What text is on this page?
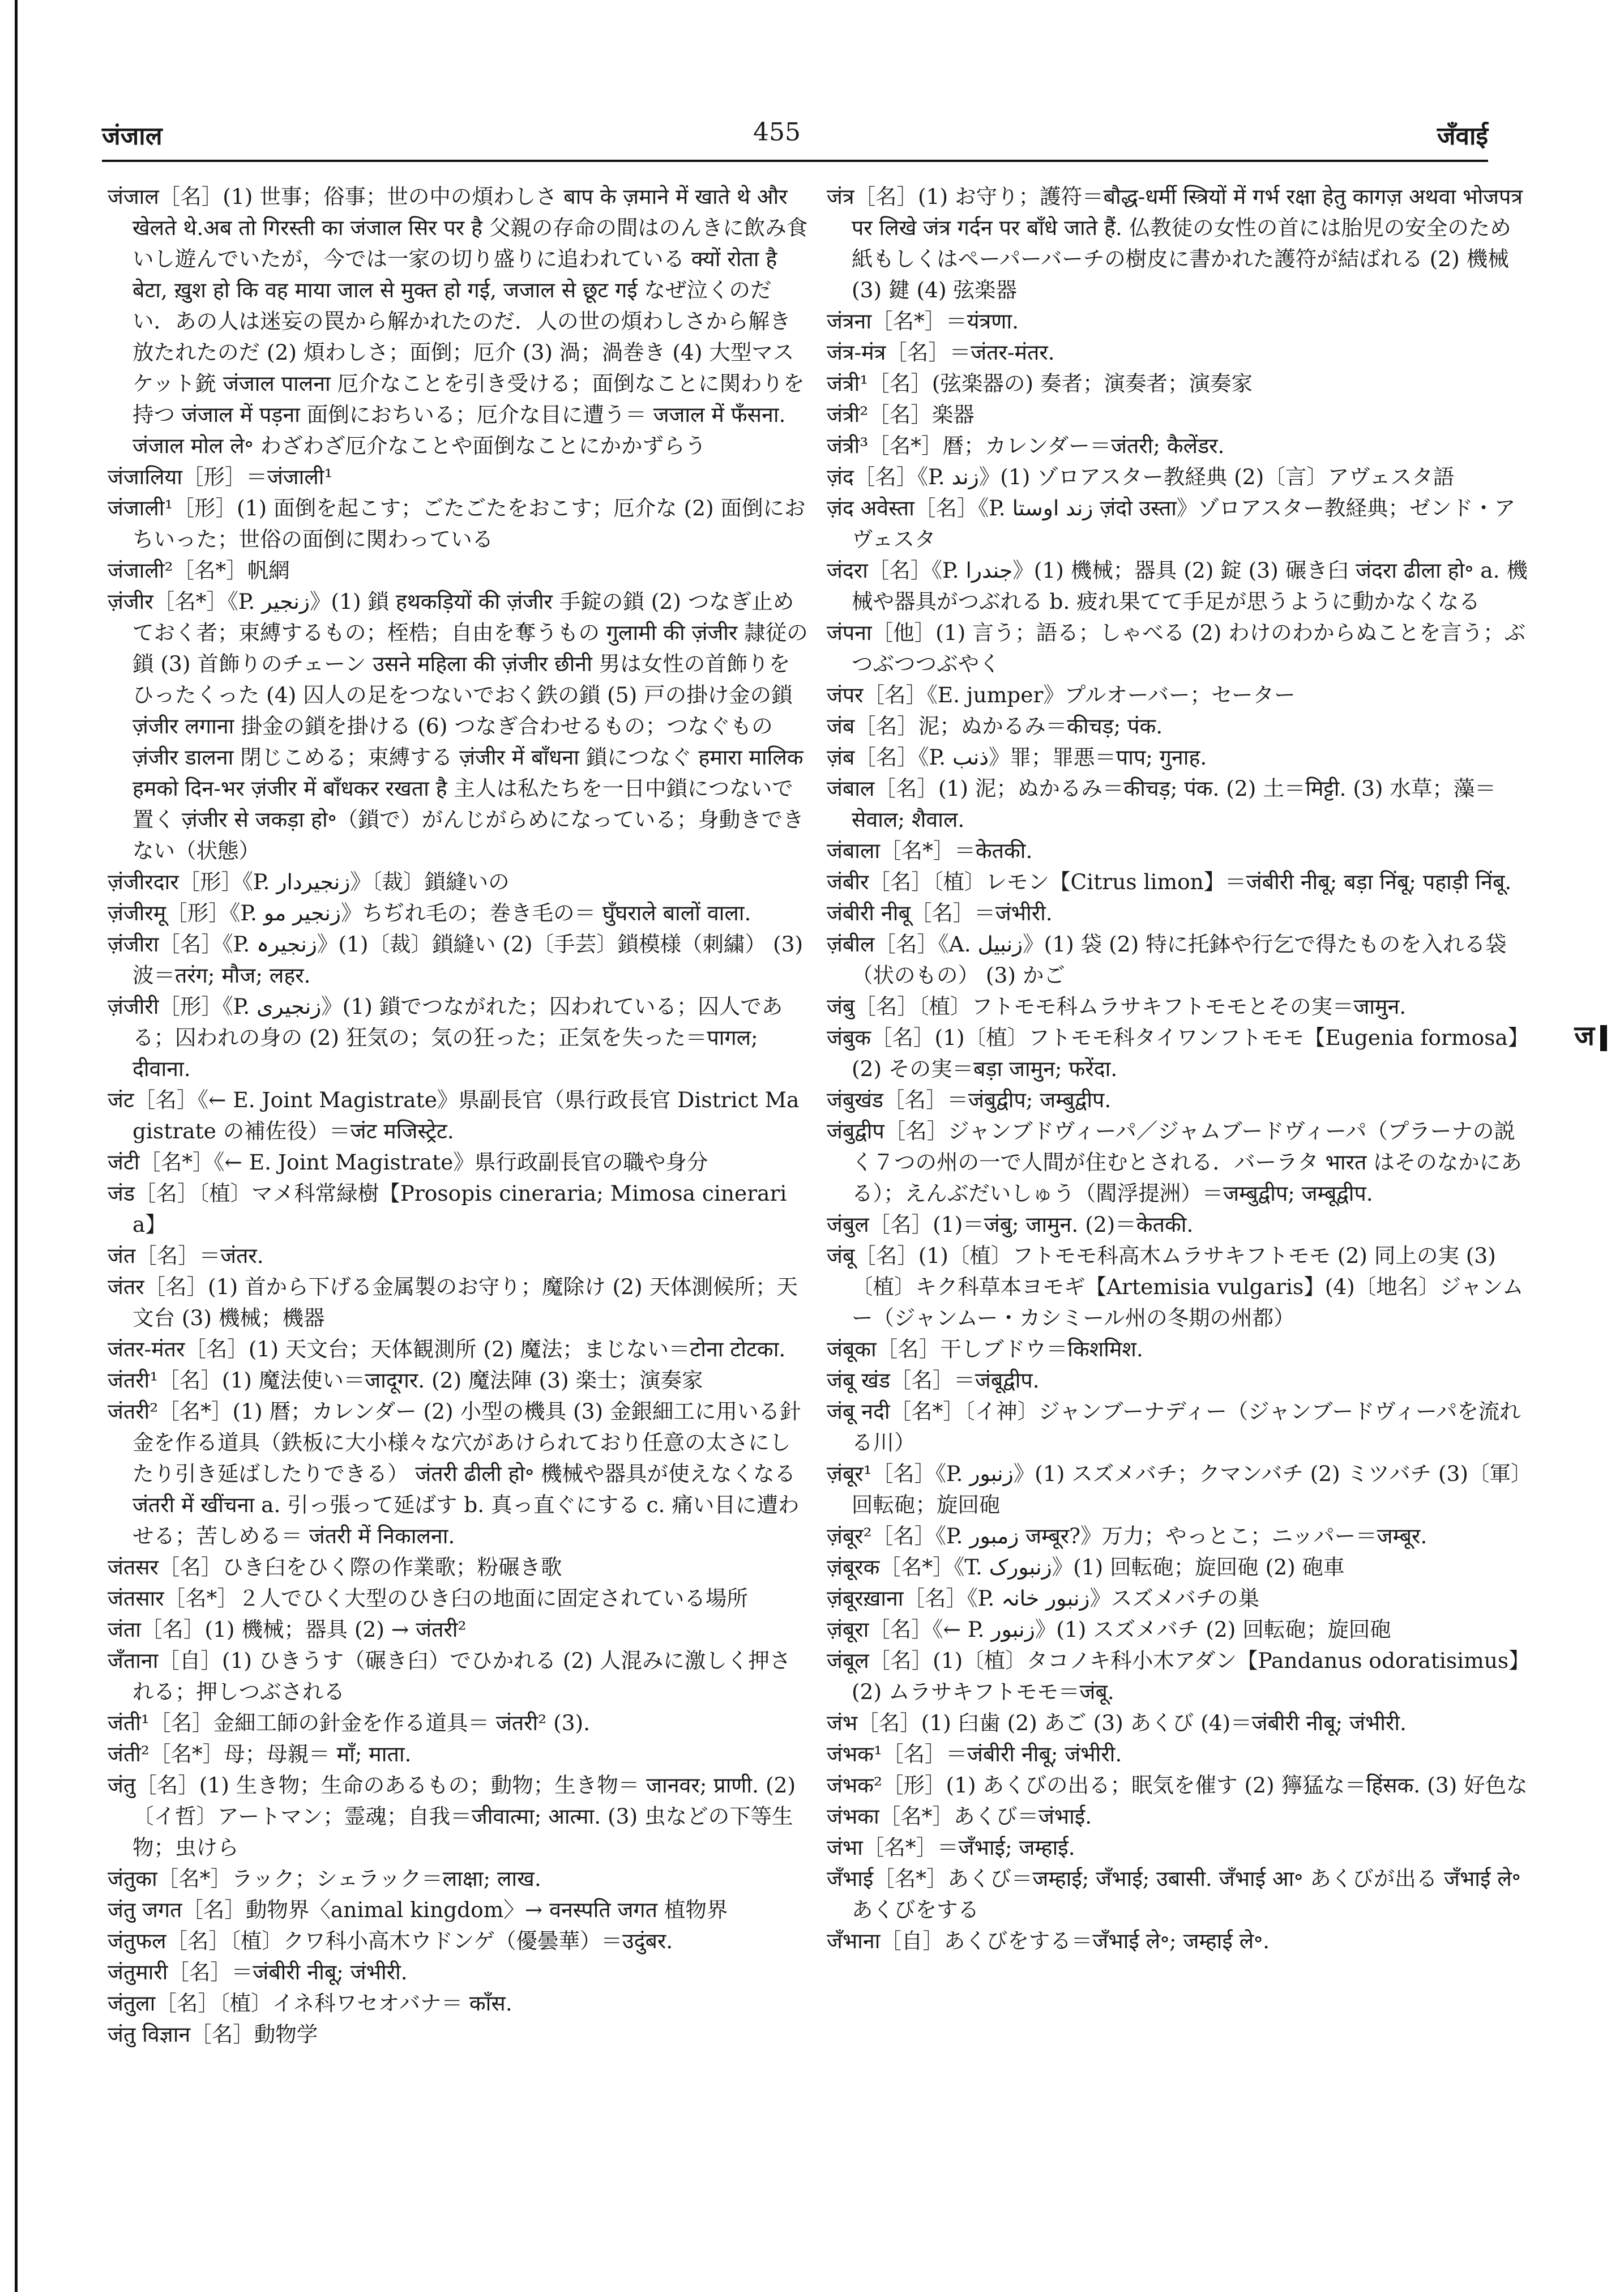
जंजाल	455	जँवाई

जंजाल［名］(1) 世事；俗事；世の中の煩わしさ बाप के ज़माने में खाते थे और खेलते थे.अब तो गिरस्ती का जंजाल सिर पर है 父親の存命の間はのんきに飲み食いし遊んでいたが，今では一家の切り盛りに追われている क्यों रोता है बेटा, ख़ुश हो कि वह माया जाल से मुक्त हो गई, जजाल से छूट गई なぜ泣くのだい．あの人は迷妄の罠から解かれたのだ．人の世の煩わしさから解き放たれたのだ (2) 煩わしさ；面倒；厄介 (3) 渦；渦巻き (4) 大型マスケット銃 जंजाल पालना 厄介なことを引き受ける；面倒なことに関わりを持つ जंजाल में पड़ना 面倒におちいる；厄介な目に遭う＝ जजाल में फँसना. जंजाल मोल ले॰ わざわざ厄介なことや面倒なことにかかずらう

जंजालिया［形］＝जंजाली¹

जंजाली¹［形］(1) 面倒を起こす；ごたごたをおこす；厄介な (2) 面倒におちいった；世俗の面倒に関わっている

जंजाली²［名*］帆網

ज़ंजीर［名*］《P. زنجیر》(1) 鎖 हथकड़ियों की ज़ंजीर 手錠の鎖 (2) つなぎ止めておく者；束縛するもの；桎梏；自由を奪うもの गुलामी की ज़ंजीर 隷従の鎖 (3) 首飾りのチェーン उसने महिला की ज़ंजीर छीनी 男は女性の首飾りをひったくった (4) 囚人の足をつないでおく鉄の鎖 (5) 戸の掛け金の鎖 ज़ंजीर लगाना 掛金の鎖を掛ける (6) つなぎ合わせるもの；つなぐもの ज़ंजीर डालना 閉じこめる；束縛する ज़ंजीर में बाँधना 鎖につなぐ हमारा मालिक हमको दिन-भर ज़ंजीर में बाँधकर रखता है 主人は私たちを一日中鎖につないで置く ज़ंजीर से जकड़ा हो॰（鎖で）がんじがらめになっている；身動きできない（状態）

ज़ंजीरदार［形］《P. زنجیردار》〔裁〕鎖縫いの

ज़ंजीरमू［形］《P. زنجیر مو》ちぢれ毛の；巻き毛の＝ घुँघराले बालों वाला.

ज़ंजीरा［名］《P. زنجیرہ》(1)〔裁〕鎖縫い (2)〔手芸〕鎖模様（刺繍） (3) 波＝तरंग; मौज; लहर.

ज़ंजीरी［形］《P. زنجیری》(1) 鎖でつながれた；囚われている；囚人である；囚われの身の (2) 狂気の；気の狂った；正気を失った＝पागल; दीवाना.

जंट［名］《← E. Joint Magistrate》県副長官（県行政長官 District Magistrate の補佐役）＝जंट मजिस्ट्रेट.

जंटी［名*］《← E. Joint Magistrate》県行政副長官の職や身分

जंड［名］〔植〕マメ科常緑樹【Prosopis cineraria; Mimosa cineraria】

जंत［名］＝जंतर.

जंतर［名］(1) 首から下げる金属製のお守り；魔除け (2) 天体測候所；天文台 (3) 機械；機器

जंतर-मंतर［名］(1) 天文台；天体観測所 (2) 魔法；まじない＝टोना टोटका.

जंतरी¹［名］(1) 魔法使い＝जादूगर. (2) 魔法陣 (3) 楽士；演奏家

जंतरी²［名*］(1) 暦；カレンダー (2) 小型の機具 (3) 金銀細工に用いる針金を作る道具（鉄板に大小様々な穴があけられており任意の太さにしたり引き延ばしたりできる） जंतरी ढीली हो॰ 機械や器具が使えなくなる जंतरी में खींचना a. 引っ張って延ばす b. 真っ直ぐにする c. 痛い目に遭わせる；苦しめる＝ जंतरी में निकालना.

जंतसर［名］ひき臼をひく際の作業歌；粉碾き歌

जंतसार［名*］２人でひく大型のひき臼の地面に固定されている場所

जंता［名］(1) 機械；器具 (2) → जंतरी²

जँताना［自］(1) ひきうす（碾き臼）でひかれる (2) 人混みに激しく押される；押しつぶされる

जंती¹［名］金細工師の針金を作る道具＝ जंतरी² (3).

जंती²［名*］母；母親＝ माँ; माता.

जंतु［名］(1) 生き物；生命のあるもの；動物；生き物＝ जानवर; प्राणी. (2)〔イ哲〕アートマン；霊魂；自我＝जीवात्मा; आत्मा. (3) 虫などの下等生物；虫けら

जंतुका［名*］ラック；シェラック＝लाक्षा; लाख.

जंतु जगत［名］動物界〈animal kingdom〉→ वनस्पति जगत 植物界

जंतुफल［名］〔植〕クワ科小高木ウドンゲ（優曇華）＝उदुंबर.

जंतुमारी［名］＝जंबीरी नीबू; जंभीरी.

जंतुला［名］〔植〕イネ科ワセオバナ＝ काँस.

जंतु विज्ञान［名］動物学

जंत्र［名］(1) お守り；護符＝बौद्ध-धर्मी स्त्रियों में गर्भ रक्षा हेतु कागज़ अथवा भोजपत्र पर लिखे जंत्र गर्दन पर बाँधे जाते हैं. 仏教徒の女性の首には胎児の安全のため紙もしくはペーパーバーチの樹皮に書かれた護符が結ばれる (2) 機械 (3) 鍵 (4) 弦楽器

जंत्रना［名*］＝यंत्रणा.

जंत्र-मंत्र［名］＝जंतर-मंतर.

जंत्री¹［名］(弦楽器の) 奏者；演奏者；演奏家

जंत्री²［名］楽器

जंत्री³［名*］暦；カレンダー＝जंतरी; कैलेंडर.

ज़ंद［名］《P. زند》(1) ゾロアスター教経典 (2)〔言〕アヴェスタ語

ज़ंद अवेस्ता［名］《P. زند اوستا ज़ंदो उस्ता》ゾロアスター教経典；ゼンド・アヴェスタ

जंदरा［名］《P. جندرا》(1) 機械；器具 (2) 錠 (3) 碾き臼 जंदरा ढीला हो॰ a. 機械や器具がつぶれる b. 疲れ果てて手足が思うように動かなくなる

जंपना［他］(1) 言う；語る；しゃべる (2) わけのわからぬことを言う；ぶつぶつつぶやく

जंपर［名］《E. jumper》プルオーバー；セーター

जंब［名］泥；ぬかるみ＝कीचड़; पंक.

ज़ंब［名］《P. ذنب》罪；罪悪＝पाप; गुनाह.

जंबाल［名］(1) 泥；ぬかるみ＝कीचड़; पंक. (2) 土＝मिट्टी. (3) 水草；藻＝सेवाल; शैवाल.

जंबाला［名*］＝केतकी.

जंबीर［名］〔植〕レモン【Citrus limon】＝जंबीरी नीबू; बड़ा निंबू; पहाड़ी निंबू.

जंबीरी नीबू［名］＝जंभीरी.

ज़ंबील［名］《A. زنبیل》(1) 袋 (2) 特に托鉢や行乞で得たものを入れる袋（状のもの） (3) かご

जंबु［名］〔植〕フトモモ科ムラサキフトモモとその実＝जामुन.

जंबुक［名］(1)〔植〕フトモモ科タイワンフトモモ【Eugenia formosa】(2) その実＝बड़ा जामुन; फरेंदा.

जंबुखंड［名］＝जंबुद्वीप; जम्बुद्वीप.

जंबुद्वीप［名］ジャンブドヴィーパ／ジャムブードヴィーパ（プラーナの説く７つの州の一で人間が住むとされる．バーラタ भारत はそのなかにある）；えんぶだいしゅう（閻浮提洲）＝जम्बुद्वीप; जम्बूद्वीप.

जंबुल［名］(1)＝जंबु; जामुन. (2)＝केतकी.

जंबू［名］(1)〔植〕フトモモ科高木ムラサキフトモモ (2) 同上の実 (3)〔植〕キク科草本ヨモギ【Artemisia vulgaris】(4)〔地名〕ジャンムー（ジャンムー・カシミール州の冬期の州都）

जंबूका［名］干しブドウ＝किशमिश.

जंबू खंड［名］＝जंबूद्वीप.

जंबू नदी［名*］〔イ神〕ジャンブーナディー（ジャンブードヴィーパを流れる川）

ज़ंबूर¹［名］《P. زنبور》(1) スズメバチ；クマンバチ (2) ミツバチ (3)〔軍〕回転砲；旋回砲

ज़ंबूर²［名］《P. زمبور जम्बूर?》万力；やっとこ；ニッパー＝जम्बूर.

ज़ंबूरक［名*］《T. زنبورک》(1) 回転砲；旋回砲 (2) 砲車

ज़ंबूरख़ाना［名］《P. زنبور خانہ》スズメバチの巣

ज़ंबूरा［名］《← P. زنبور》(1) スズメバチ (2) 回転砲；旋回砲

जंबूल［名］(1)〔植〕タコノキ科小木アダン【Pandanus odoratisimus】(2) ムラサキフトモモ＝जंबू.

जंभ［名］(1) 臼歯 (2) あご (3) あくび (4)＝जंबीरी नीबू; जंभीरी.

जंभक¹［名］＝जंबीरी नीबू; जंभीरी.

जंभक²［形］(1) あくびの出る；眠気を催す (2) 獰猛な＝हिंसक. (3) 好色な

जंभका［名*］あくび＝जंभाई.

जंभा［名*］＝जँभाई; जम्हाई.

जँभाई［名*］あくび＝जम्हाई; जँभाई; उबासी. जँभाई आ॰ あくびが出る जँभाई ले॰ あくびをする

जँभाना［自］あくびをする＝जँभाई ले॰; जम्हाई ले॰.

ज
